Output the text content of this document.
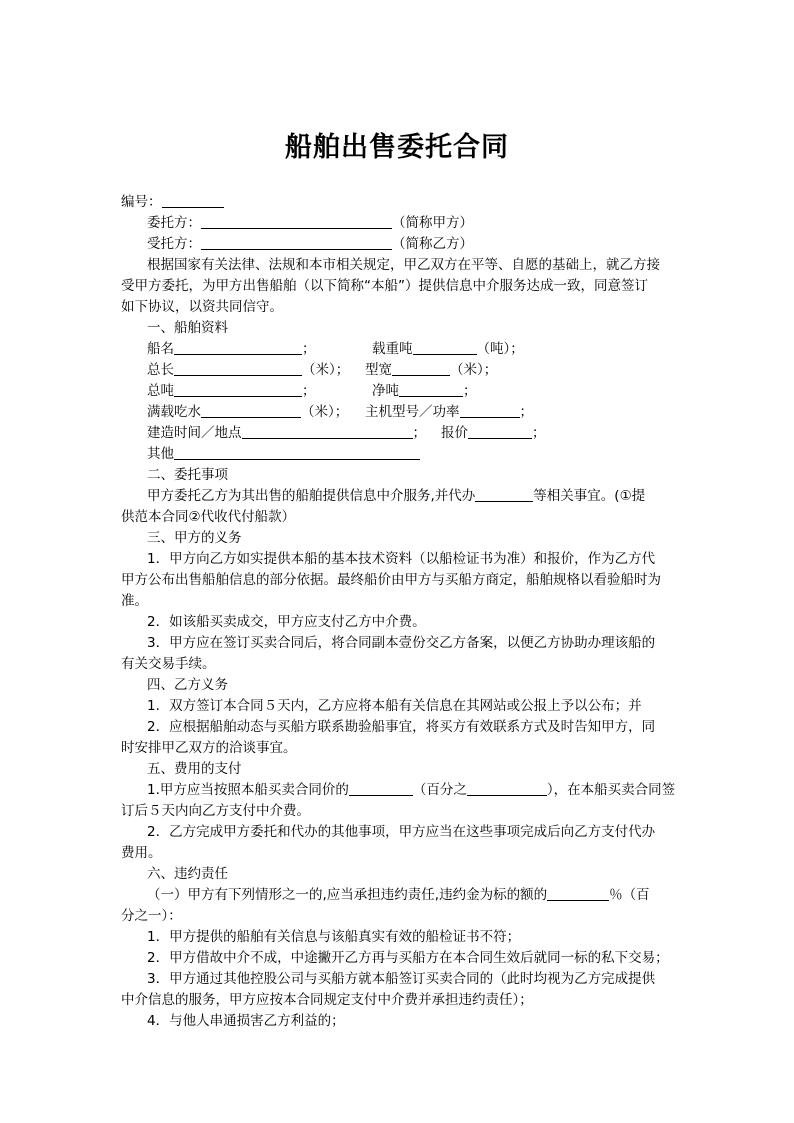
船舶出售委托合同
编号：
委托方：	（简称甲方）
受托方：	（简称乙方）
根据国家有关法律、法规和本市相关规定，甲乙双方在平等、自愿的基础上，就乙方接
受甲方委托，为甲方出售船舶（以下简称“本船”）提供信息中介服务达成一致，同意签订
如下协议，以资共同信守。
一、船舶资料
船名	；	载重吨	（吨）；
总长	（米）； 型宽	（米）；
总吨	；	净吨	；
满载吃水	（米）； 主机型号／功率	；
建造时间／地点	； 报价	；
其他
二、委托事项
甲方委托乙方为其出售的船舶提供信息中介服务,并代办	等相关事宜。(①提
供范本合同②代收代付船款）
三、甲方的义务
1．甲方向乙方如实提供本船的基本技术资料（以船检证书为准）和报价，作为乙方代
甲方公布出售船舶信息的部分依据。最终船价由甲方与买船方商定，船舶规格以看验船时为
准。
2．如该船买卖成交，甲方应支付乙方中介费。
3．甲方应在签订买卖合同后，将合同副本壹份交乙方备案，以便乙方协助办理该船的
有关交易手续。
四、乙方义务
1．双方签订本合同５天内，乙方应将本船有关信息在其网站或公报上予以公布；并
2．应根据船舶动态与买船方联系勘验船事宜，将买方有效联系方式及时告知甲方，同
时安排甲乙双方的洽谈事宜。
五、费用的支付
1.甲方应当按照本船买卖合同价的	（百分之	），在本船买卖合同签
订后５天内向乙方支付中介费。
2．乙方完成甲方委托和代办的其他事项，甲方应当在这些事项完成后向乙方支付代办
费用。
六、违约责任
（一）甲方有下列情形之一的,应当承担违约责任,违约金为标的额的	％（百
分之一）：
1．甲方提供的船舶有关信息与该船真实有效的船检证书不符；
2．甲方借故中介不成，中途撇开乙方再与买船方在本合同生效后就同一标的私下交易；
3．甲方通过其他控股公司与买船方就本船签订买卖合同的（此时均视为乙方完成提供
中介信息的服务，甲方应按本合同规定支付中介费并承担违约责任）；
4．与他人串通损害乙方利益的；
